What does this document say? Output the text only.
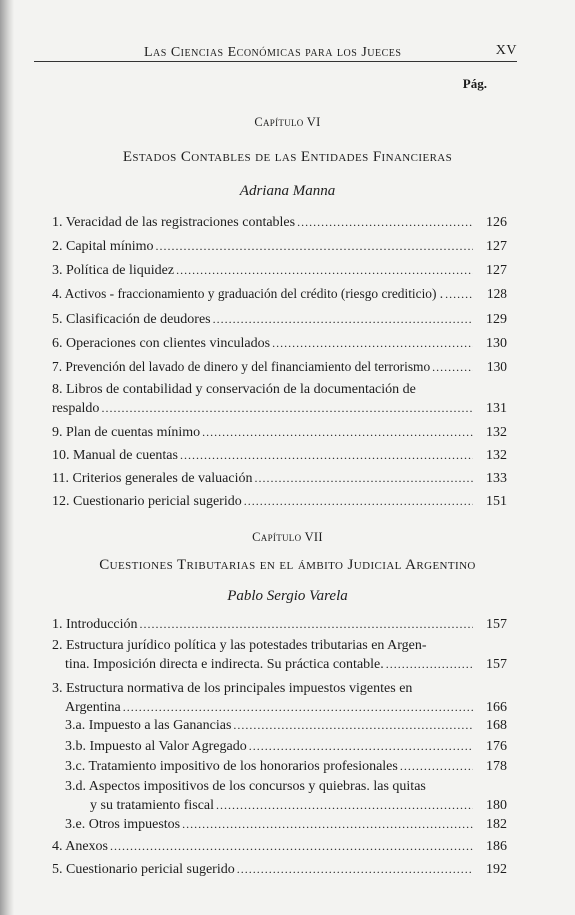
Las Ciencias Económicas para los Jueces	XV
Pág.
Capítulo VI
Estados Contables de las Entidades Financieras
Adriana Manna
1. Veracidad de las registraciones contables .....	126
2. Capital mínimo .....	127
3. Política de liquidez .....	127
4. Activos - fraccionamiento y graduación del crédito (riesgo crediticio) . .....	128
5. Clasificación de deudores .....	129
6. Operaciones con clientes vinculados .....	130
7. Prevención del lavado de dinero y del financiamiento del terrorismo .....	130
8. Libros de contabilidad y conservación de la documentación de
respaldo .....	131
9. Plan de cuentas mínimo .....	132
10. Manual de cuentas .....	132
11. Criterios generales de valuación .....	133
12. Cuestionario pericial sugerido .....	151
Capítulo VII
Cuestiones Tributarias en el ámbito Judicial Argentino
Pablo Sergio Varela
1. Introducción .....	157
2. Estructura jurídico política y las potestades tributarias en Argen-
tina. Imposición directa e indirecta. Su práctica contable. .....	157
3. Estructura normativa de los principales impuestos vigentes en
Argentina .....	166
3.a. Impuesto a las Ganancias .....	168
3.b. Impuesto al Valor Agregado .....	176
3.c. Tratamiento impositivo de los honorarios profesionales .....	178
3.d. Aspectos impositivos de los concursos y quiebras. las quitas
y su tratamiento fiscal .....	180
3.e. Otros impuestos .....	182
4. Anexos .....	186
5. Cuestionario pericial sugerido .....	192
